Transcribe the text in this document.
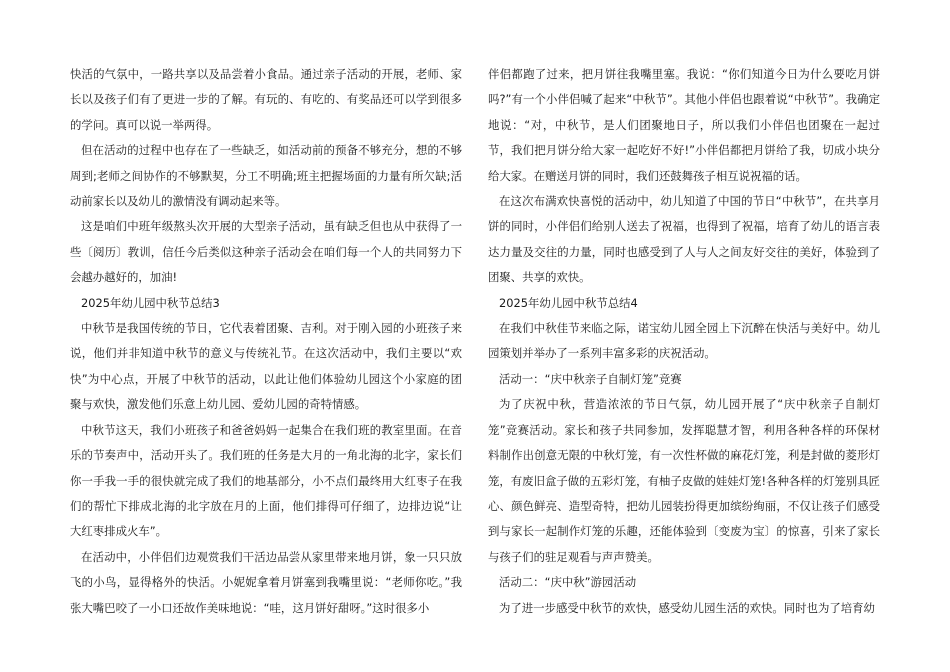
快活的气氛中，一路共享以及品尝着小食品。通过亲子活动的开展，老师、家长以及孩子们有了更进一步的了解。有玩的、有吃的、有奖品还可以学到很多的学问。真可以说一举两得。

但在活动的过程中也存在了一些缺乏，如活动前的预备不够充分，想的不够周到;老师之间协作的不够默契，分工不明确;班主把握场面的力量有所欠缺;活动前家长以及幼儿的激情没有调动起来等。

这是咱们中班年级熬头次开展的大型亲子活动，虽有缺乏但也从中获得了一些〔阅历〕教训，信任今后类似这种亲子活动会在咱们每一个人的共同努力下会越办越好的，加油!

2025年幼儿园中秋节总结3

中秋节是我国传统的节日，它代表着团聚、吉利。对于刚入园的小班孩子来说，他们并非知道中秋节的意义与传统礼节。在这次活动中，我们主要以“欢快”为中心点，开展了中秋节的活动，以此让他们体验幼儿园这个小家庭的团聚与欢快，激发他们乐意上幼儿园、爱幼儿园的奇特情感。

中秋节这天，我们小班孩子和爸爸妈妈一起集合在我们班的教室里面。在音乐的节奏声中，活动开头了。我们班的任务是大月的一角北海的北字，家长们你一手我一手的很快就完成了我们的地基部分，小不点们最终用大红枣子在我们的帮忙下排成北海的北字放在月的上面，他们排得可仔细了，边排边说“让大红枣排成火车”。

在活动中，小伴侣们边观赏我们干活边品尝从家里带来地月饼，象一只只放飞的小鸟，显得格外的快活。小妮妮拿着月饼塞到我嘴里说：“老师你吃。”我张大嘴巴咬了一小口还故作美味地说：“哇，这月饼好甜呀。”这时很多小

伴侣都跑了过来，把月饼往我嘴里塞。我说：“你们知道今日为什么要吃月饼吗?”有一个小伴侣喊了起来“中秋节”。其他小伴侣也跟着说“中秋节”。我确定地说：“对，中秋节，是人们团聚地日子，所以我们小伴侣也团聚在一起过节，我们把月饼分给大家一起吃好不好!”小伴侣都把月饼给了我，切成小块分给大家。在赠送月饼的同时，我们还鼓舞孩子相互说祝福的话。

在这次布满欢快喜悦的活动中，幼儿知道了中国的节日“中秋节”，在共享月饼的同时，小伴侣们给别人送去了祝福，也得到了祝福，培育了幼儿的语言表达力量及交往的力量，同时也感受到了人与人之间友好交往的美好，体验到了团聚、共享的欢快。

2025年幼儿园中秋节总结4

在我们中秋佳节来临之际，诺宝幼儿园全园上下沉醉在快活与美好中。幼儿园策划并举办了一系列丰富多彩的庆祝活动。

活动一：“庆中秋亲子自制灯笼”竞赛

为了庆祝中秋，营造浓浓的节日气氛，幼儿园开展了“庆中秋亲子自制灯笼”竞赛活动。家长和孩子共同参加，发挥聪慧才智，利用各种各样的环保材料制作出创意无限的中秋灯笼，有一次性杯做的麻花灯笼，利是封做的菱形灯笼，有废旧盒子做的五彩灯笼，有柚子皮做的娃娃灯笼!各种各样的灯笼别具匠心、颜色鲜亮、造型奇特，把幼儿园装扮得更加缤纷绚丽，不仅让孩子们感受到与家长一起制作灯笼的乐趣，还能体验到〔变废为宝〕的惊喜，引来了家长与孩子们的驻足观看与声声赞美。

活动二：“庆中秋”游园活动

为了进一步感受中秋节的欢快，感受幼儿园生活的欢快。同时也为了培育幼
